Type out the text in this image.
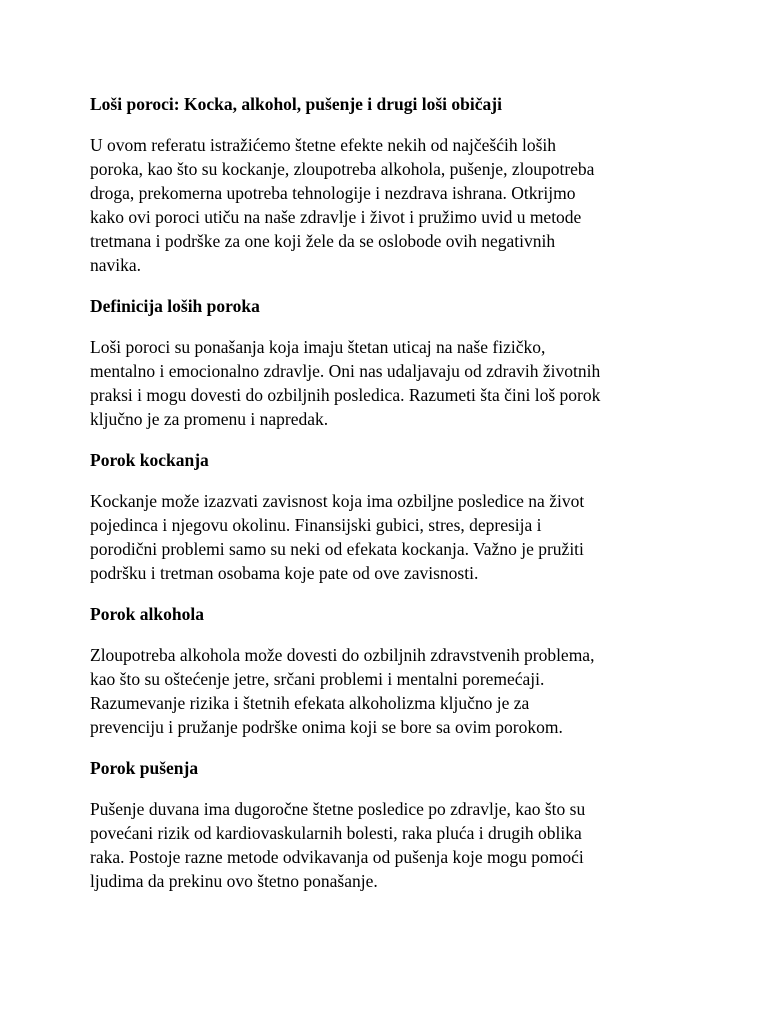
Loši poroci: Kocka, alkohol, pušenje i drugi loši običaji
U ovom referatu istražićemo štetne efekte nekih od najčešćih loših
poroka, kao što su kockanje, zloupotreba alkohola, pušenje, zloupotreba
droga, prekomerna upotreba tehnologije i nezdrava ishrana. Otkrijmo
kako ovi poroci utiču na naše zdravlje i život i pružimo uvid u metode
tretmana i podrške za one koji žele da se oslobode ovih negativnih
navika.
Definicija loših poroka
Loši poroci su ponašanja koja imaju štetan uticaj na naše fizičko,
mentalno i emocionalno zdravlje. Oni nas udaljavaju od zdravih životnih
praksi i mogu dovesti do ozbiljnih posledica. Razumeti šta čini loš porok
ključno je za promenu i napredak.
Porok kockanja
Kockanje može izazvati zavisnost koja ima ozbiljne posledice na život
pojedinca i njegovu okolinu. Finansijski gubici, stres, depresija i
porodični problemi samo su neki od efekata kockanja. Važno je pružiti
podršku i tretman osobama koje pate od ove zavisnosti.
Porok alkohola
Zloupotreba alkohola može dovesti do ozbiljnih zdravstvenih problema,
kao što su oštećenje jetre, srčani problemi i mentalni poremećaji.
Razumevanje rizika i štetnih efekata alkoholizma ključno je za
prevenciju i pružanje podrške onima koji se bore sa ovim porokom.
Porok pušenja
Pušenje duvana ima dugoročne štetne posledice po zdravlje, kao što su
povećani rizik od kardiovaskularnih bolesti, raka pluća i drugih oblika
raka. Postoje razne metode odvikavanja od pušenja koje mogu pomoći
ljudima da prekinu ovo štetno ponašanje.
